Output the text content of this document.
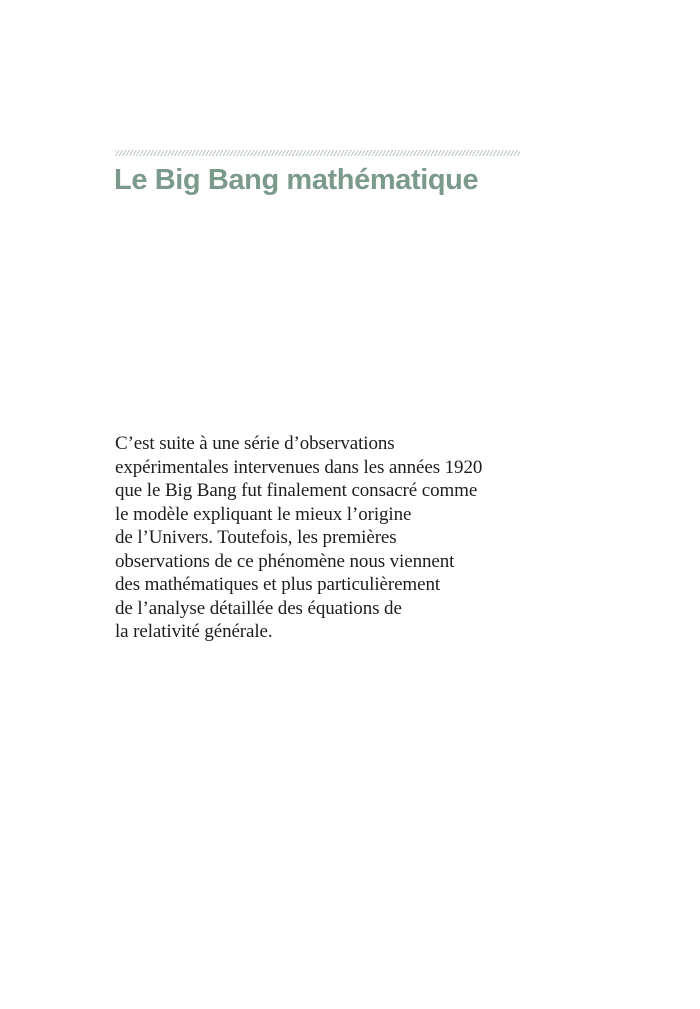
Le Big Bang mathématique

C’est suite à une série d’observations
expérimentales intervenues dans les années 1920
que le Big Bang fut finalement consacré comme
le modèle expliquant le mieux l’origine
de l’Univers. Toutefois, les premières
observations de ce phénomène nous viennent
des mathématiques et plus particulièrement
de l’analyse détaillée des équations de
la relativité générale.
